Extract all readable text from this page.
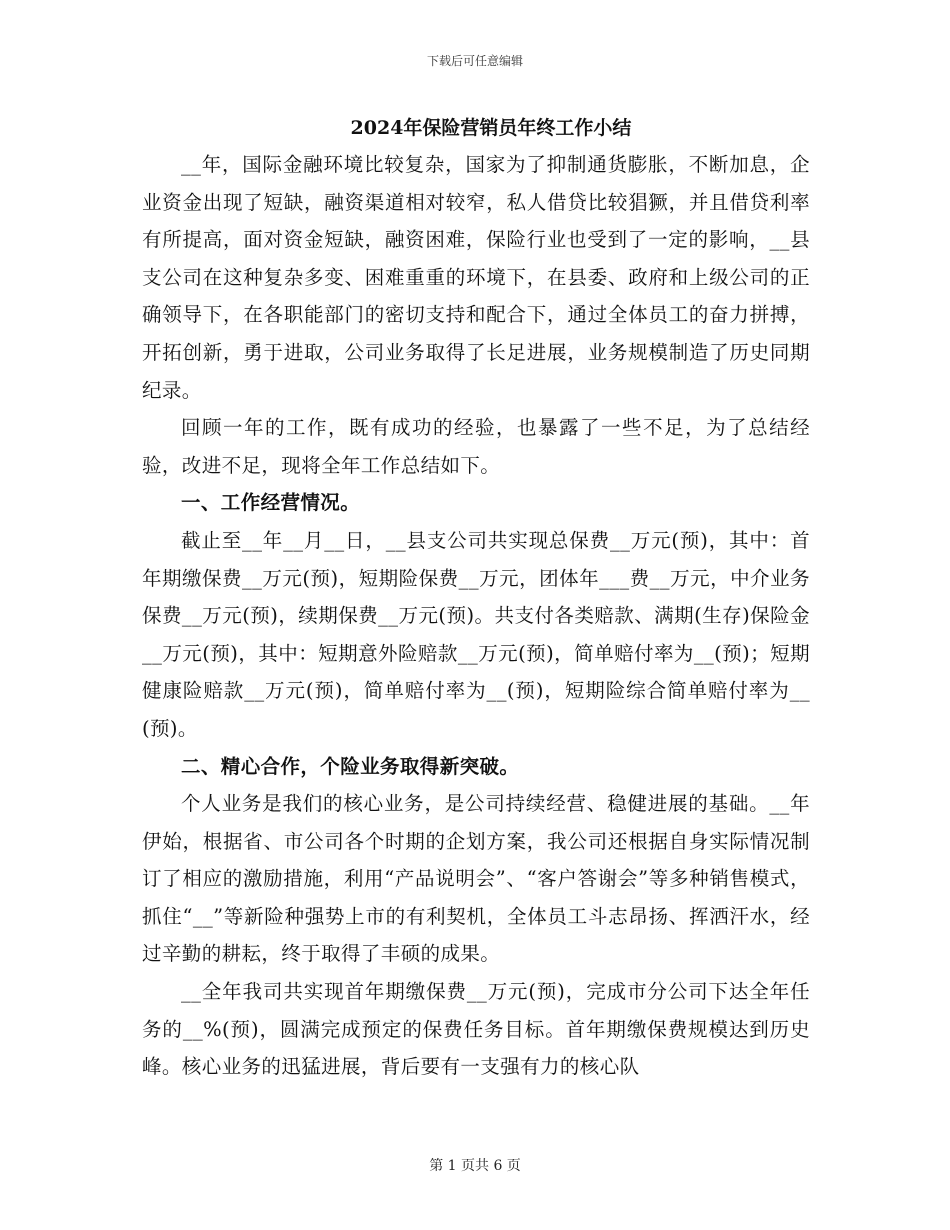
下载后可任意编辑
2024年保险营销员年终工作小结

__年，国际金融环境比较复杂，国家为了抑制通货膨胀，不断加息，企业资金出现了短缺，融资渠道相对较窄，私人借贷比较猖獗，并且借贷利率有所提高，面对资金短缺，融资困难，保险行业也受到了一定的影响，__县支公司在这种复杂多变、困难重重的环境下，在县委、政府和上级公司的正确领导下，在各职能部门的密切支持和配合下，通过全体员工的奋力拼搏，开拓创新，勇于进取，公司业务取得了长足进展，业务规模制造了历史同期纪录。

回顾一年的工作，既有成功的经验，也暴露了一些不足，为了总结经验，改进不足，现将全年工作总结如下。

一、工作经营情况。

截止至__年__月__日，__县支公司共实现总保费__万元(预)，其中：首年期缴保费__万元(预)，短期险保费__万元，团体年___费__万元，中介业务保费__万元(预)，续期保费__万元(预)。共支付各类赔款、满期(生存)保险金__万元(预)，其中：短期意外险赔款__万元(预)，简单赔付率为__(预)；短期健康险赔款__万元(预)，简单赔付率为__(预)，短期险综合简单赔付率为__(预)。

二、精心合作，个险业务取得新突破。

个人业务是我们的核心业务，是公司持续经营、稳健进展的基础。__年伊始，根据省、市公司各个时期的企划方案，我公司还根据自身实际情况制订了相应的激励措施，利用“产品说明会”、“客户答谢会”等多种销售模式，抓住“__”等新险种强势上市的有利契机，全体员工斗志昂扬、挥洒汗水，经过辛勤的耕耘，终于取得了丰硕的成果。

__全年我司共实现首年期缴保费__万元(预)，完成市分公司下达全年任务的__%(预)，圆满完成预定的保费任务目标。首年期缴保费规模达到历史峰。核心业务的迅猛进展，背后要有一支强有力的核心队

第 1 页共 6 页
